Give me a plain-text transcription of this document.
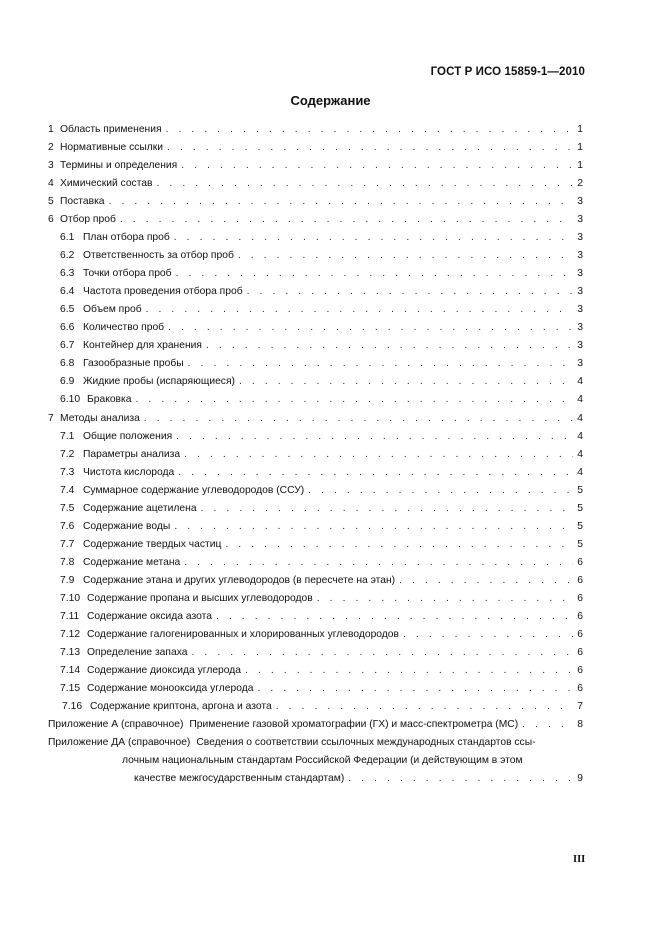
ГОСТ Р ИСО 15859-1—2010
Содержание
1 Область применения . . .	1
2 Нормативные ссылки . . .	1
3 Термины и определения . . .	1
4 Химический состав . . .	2
5 Поставка . . .	3
6 Отбор проб . . .	3
6.1 План отбора проб . . .	3
6.2 Ответственность за отбор проб . . .	3
6.3 Точки отбора проб . . .	3
6.4 Частота проведения отбора проб . . .	3
6.5 Объем проб . . .	3
6.6 Количество проб . . .	3
6.7 Контейнер для хранения . . .	3
6.8 Газообразные пробы . . .	3
6.9 Жидкие пробы (испаряющиеся) . . .	4
6.10 Браковка . . .	4
7 Методы анализа . . .	4
7.1 Общие положения . . .	4
7.2 Параметры анализа . . .	4
7.3 Чистота кислорода . . .	4
7.4 Суммарное содержание углеводородов (ССУ) . . .	5
7.5 Содержание ацетилена . . .	5
7.6 Содержание воды . . .	5
7.7 Содержание твердых частиц . . .	5
7.8 Содержание метана . . .	6
7.9 Содержание этана и других углеводородов (в пересчете на этан) . . .	6
7.10 Содержание пропана и высших углеводородов . . .	6
7.11 Содержание оксида азота . . .	6
7.12 Содержание галогенированных и хлорированных углеводородов . . .	6
7.13 Определение запаха . . .	6
7.14 Содержание диоксида углерода . . .	6
7.15 Содержание монооксида углерода . . .	6
7.16 Содержание криптона, аргона и азота . . .	7
Приложение А (справочное) Применение газовой хроматографии (ГХ) и масс-спектрометра (МС) . . .	8
Приложение ДА (справочное) Сведения о соответствии ссылочных международных стандартов ссы-
лочным национальным стандартам Российской Федерации (и действующим в этом
качестве межгосударственным стандартам) . . .	9
III
